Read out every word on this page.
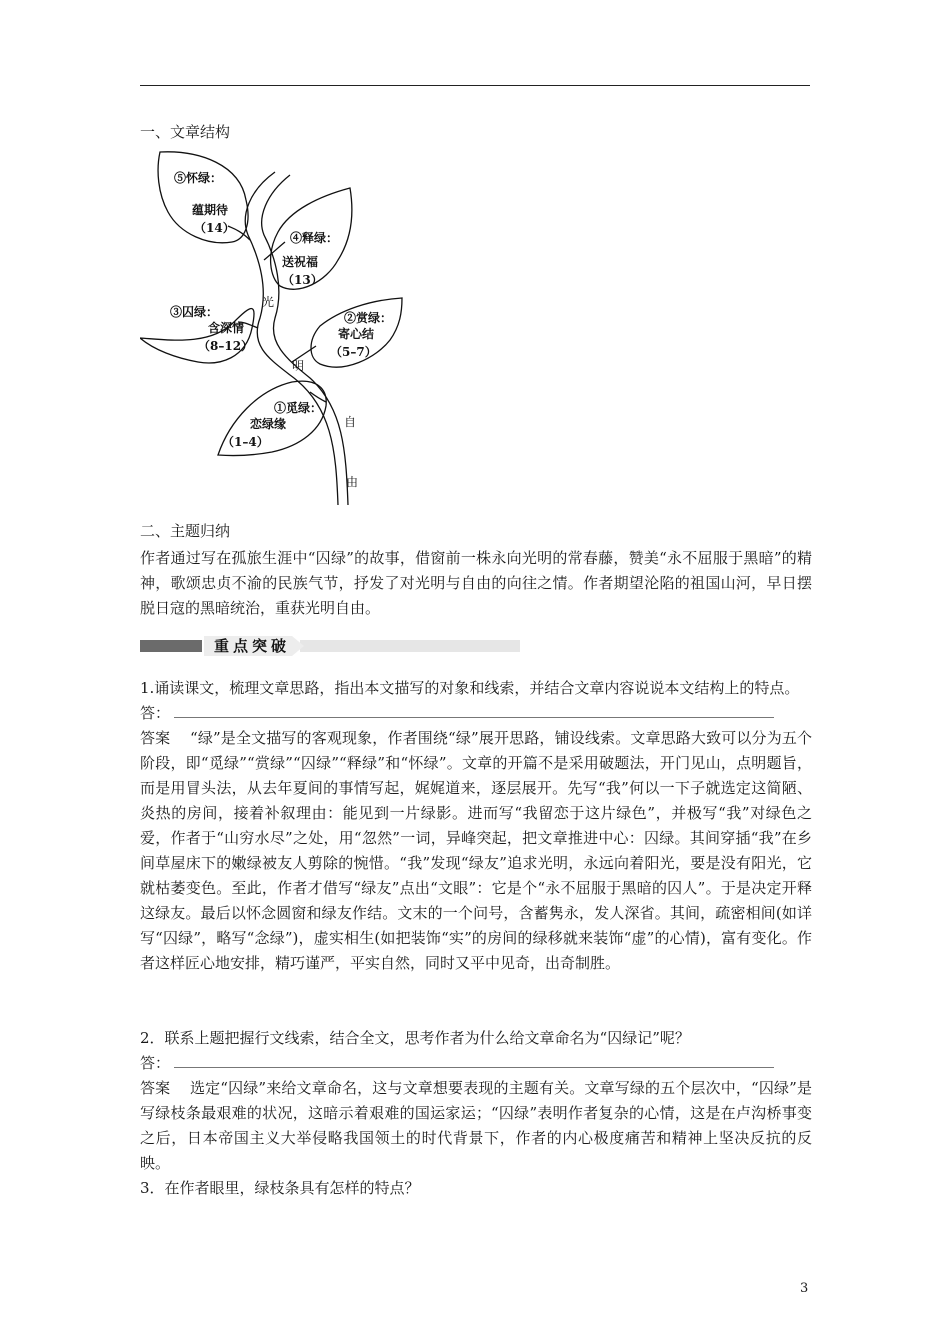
一、文章结构
⑤怀绿：
蕴期待
（14）
④释绿：
送祝福
（13）
③囚绿：
含深情
（8–12）
②赏绿：
寄心结
（5–7）
①觅绿：
恋绿缘
（1–4）
光
明
自
由
二、主题归纳

作者通过写在孤旅生涯中“囚绿”的故事，借窗前一株永向光明的常春藤，赞美“永不屈服于黑暗”的精神，歌颂忠贞不渝的民族气节，抒发了对光明与自由的向往之情。作者期望沦陷的祖国山河，早日摆脱日寇的黑暗统治，重获光明自由。

重点突破

1.诵读课文，梳理文章思路，指出本文描写的对象和线索，并结合文章内容说说本文结构上的特点。

答：

答案 “绿”是全文描写的客观现象，作者围绕“绿”展开思路，铺设线索。文章思路大致可以分为五个阶段，即“觅绿”“赏绿”“囚绿”“释绿”和“怀绿”。文章的开篇不是采用破题法，开门见山，点明题旨，而是用冒头法，从去年夏间的事情写起，娓娓道来，逐层展开。先写“我”何以一下子就选定这简陋、炎热的房间，接着补叙理由：能见到一片绿影。进而写“我留恋于这片绿色”，并极写“我”对绿色之爱，作者于“山穷水尽”之处，用“忽然”一词，异峰突起，把文章推进中心：囚绿。其间穿插“我”在乡间草屋床下的嫩绿被友人剪除的惋惜。“我”发现“绿友”追求光明，永远向着阳光，要是没有阳光，它就枯萎变色。至此，作者才借写“绿友”点出“文眼”：它是个“永不屈服于黑暗的囚人”。于是决定开释这绿友。最后以怀念圆窗和绿友作结。文末的一个问号，含蓄隽永，发人深省。其间，疏密相间(如详写“囚绿”，略写“念绿”)，虚实相生(如把装饰“实”的房间的绿移就来装饰“虚”的心情)，富有变化。作者这样匠心地安排，精巧谨严，平实自然，同时又平中见奇，出奇制胜。

2．联系上题把握行文线索，结合全文，思考作者为什么给文章命名为“囚绿记”呢？

答：

答案 选定“囚绿”来给文章命名，这与文章想要表现的主题有关。文章写绿的五个层次中，“囚绿”是写绿枝条最艰难的状况，这暗示着艰难的国运家运；“囚绿”表明作者复杂的心情，这是在卢沟桥事变之后，日本帝国主义大举侵略我国领土的时代背景下，作者的内心极度痛苦和精神上坚决反抗的反映。

3．在作者眼里，绿枝条具有怎样的特点？

3
